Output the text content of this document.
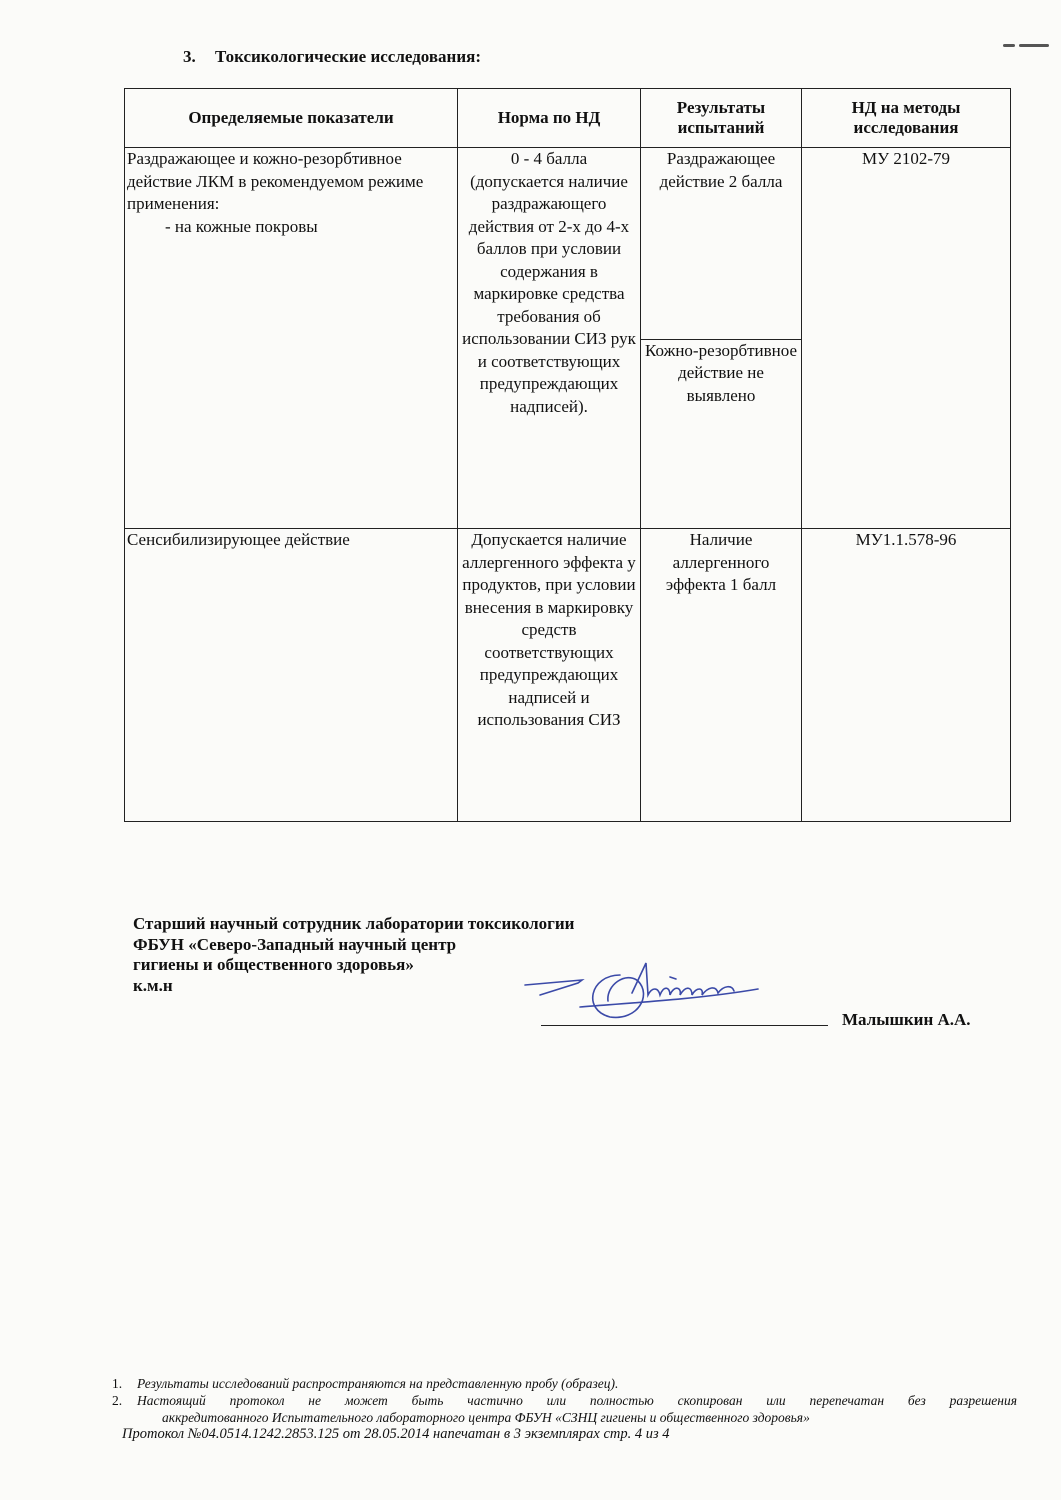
3. Токсикологические исследования:
Определяемые показатели	Норма по НД	Результаты испытаний	НД на методы исследования

Раздражающее и кожно-резорбтивное действие ЛКМ в рекомендуемом режиме применения:
- на кожные покровы	0 - 4 балла (допускается наличие раздражающего действия от 2-х до 4-х баллов при условии содержания в маркировке средства требования об использовании СИЗ рук и соответствующих предупреждающих надписей).	Раздражающее действие 2 балла	МУ 2102-79
		Кожно-резорбтивное действие не выявлено	

Сенсибилизирующее действие	Допускается наличие аллергенного эффекта у продуктов, при условии внесения в маркировку средств соответствующих предупреждающих надписей и использования СИЗ	Наличие аллергенного эффекта 1 балл	МУ1.1.578-96
Старший научный сотрудник лаборатории токсикологии
ФБУН «Северо-Западный научный центр
гигиены и общественного здоровья»
к.м.н
Малышкин А.А.
1.	Результаты исследований распространяются на представленную пробу (образец).
2.	Настоящий протокол не может быть частично или полностью скопирован или перепечатан без разрешения
аккредитованного Испытательного лабораторного центра ФБУН «СЗНЦ гигиены и общественного здоровья»
Протокол №04.0514.1242.2853.125 от 28.05.2014 напечатан в 3 экземплярах стр. 4 из 4
